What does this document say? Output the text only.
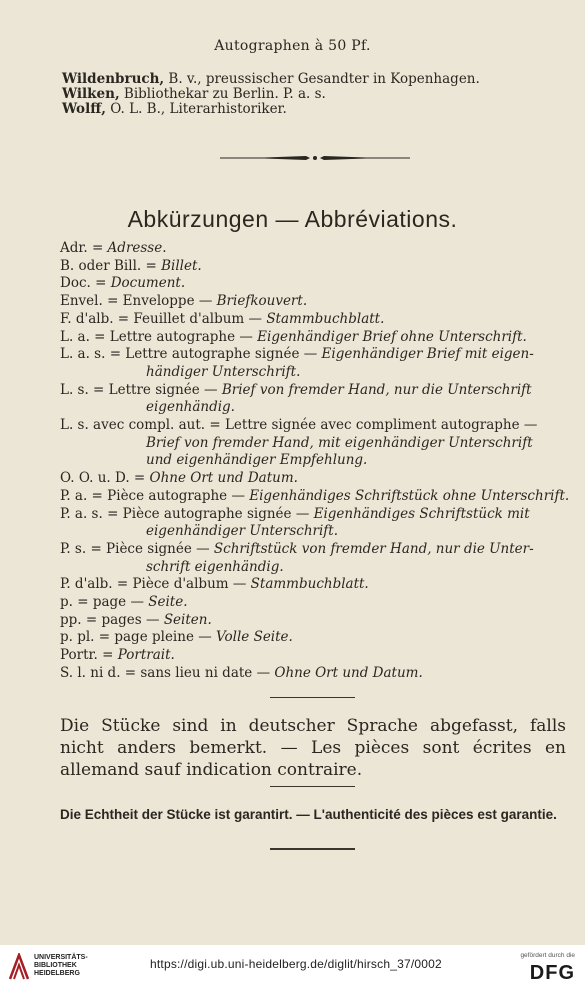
Autographen à 50 Pf.
Wildenbruch, B. v., preussischer Gesandter in Kopenhagen.
Wilken, Bibliothekar zu Berlin. P. a. s.
Wolff, O. L. B., Literarhistoriker.
Abkürzungen — Abbréviations.
Adr. = Adresse.
B. oder Bill. = Billet.
Doc. = Document.
Envel. = Enveloppe — Briefkouvert.
F. d'alb. = Feuillet d'album — Stammbuchblatt.
L. a. = Lettre autographe — Eigenhändiger Brief ohne Unterschrift.
L. a. s. = Lettre autographe signée — Eigenhändiger Brief mit eigen-
händiger Unterschrift.
L. s. = Lettre signée — Brief von fremder Hand, nur die Unterschrift
eigenhändig.
L. s. avec compl. aut. = Lettre signée avec compliment autographe —
Brief von fremder Hand, mit eigenhändiger Unterschrift
und eigenhändiger Empfehlung.
O. O. u. D. = Ohne Ort und Datum.
P. a. = Pièce autographe — Eigenhändiges Schriftstück ohne Unterschrift.
P. a. s. = Pièce autographe signée — Eigenhändiges Schriftstück mit
eigenhändiger Unterschrift.
P. s. = Pièce signée — Schriftstück von fremder Hand, nur die Unter-
schrift eigenhändig.
P. d'alb. = Pièce d'album — Stammbuchblatt.
p. = page — Seite.
pp. = pages — Seiten.
p. pl. = page pleine — Volle Seite.
Portr. = Portrait.
S. l. ni d. = sans lieu ni date — Ohne Ort und Datum.
Die Stücke sind in deutscher Sprache abgefasst, falls nicht anders bemerkt. — Les pièces sont écrites en allemand sauf indication contraire.
Die Echtheit der Stücke ist garantirt. — L'authenticité des pièces est garantie.
UNIVERSITÄTS-
BIBLIOTHEK
HEIDELBERG
https://digi.ub.uni-heidelberg.de/diglit/hirsch_37/0002
gefördert durch die
DFG
